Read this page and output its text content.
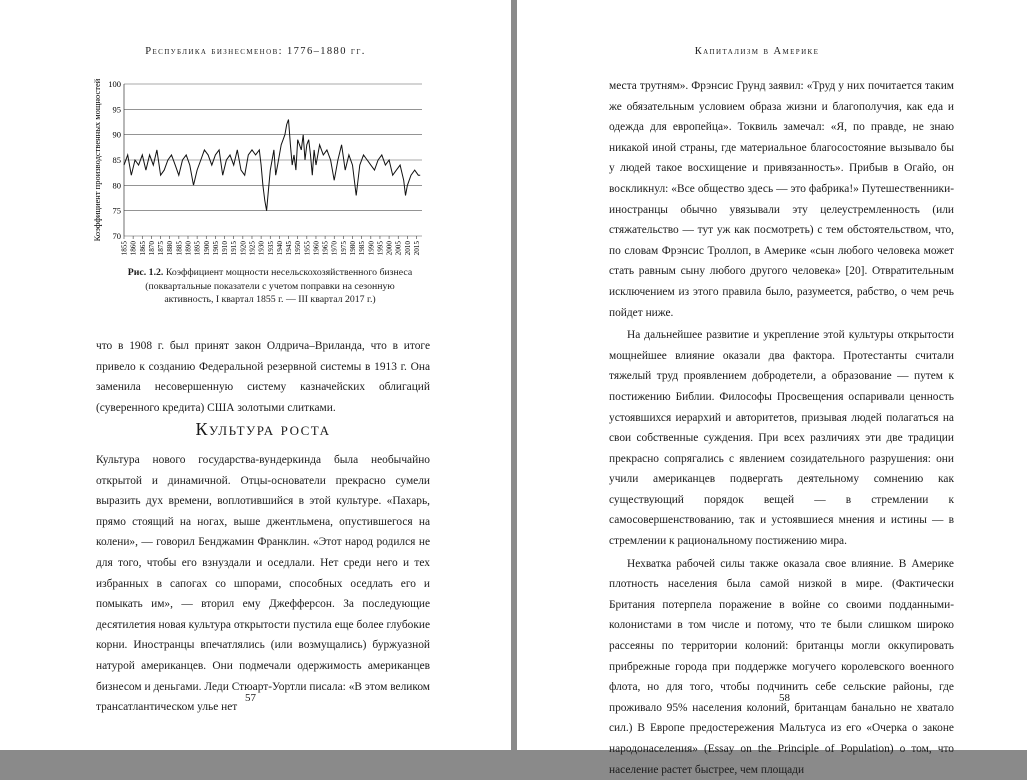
Республика бизнесменов: 1776–1880 гг.
70
75
80
85
90
95
100
1855 1860 1865 1870 1875 1880 1885 1890 1895 1900 1905 1910 1915 1920 1925 1930 1935 1940 1945 1950 1955 1960 1965 1970 1975 1980 1985 1990 1995 2000 2005 2010 2015
Коэффициент производственных мощностей
Рис. 1.2. Коэффициент мощности несельскохозяйственного бизнеса (поквартальные показатели с учетом поправки на сезонную активность, I квартал 1855 г. — III квартал 2017 г.)

что в 1908 г. был принят закон Олдрича–Вриланда, что в итоге привело к созданию Федеральной резервной системы в 1913 г. Она заменила несовершенную систему казначейских облигаций (суверенного кредита) США золотыми слитками.

Культура роста

Культура нового государства-вундеркинда была необычайно открытой и динамичной. Отцы-основатели прекрасно сумели выразить дух времени, воплотившийся в этой культуре. «Пахарь, прямо стоящий на ногах, выше джентльмена, опустившегося на колени», — говорил Бенджамин Франклин. «Этот народ родился не для того, чтобы его взнуздали и оседлали. Нет среди него и тех избранных в сапогах со шпорами, способных оседлать его и помыкать им», — вторил ему Джефферсон. За последующие десятилетия новая культура открытости пустила еще более глубокие корни. Иностранцы впечатлялись (или возмущались) буржуазной натурой американцев. Они подмечали одержимость американцев бизнесом и деньгами. Леди Стюарт-Уортли писала: «В этом великом трансатлантическом улье нет

57
Капитализм в Америке

места трутням». Фрэнсис Грунд заявил: «Труд у них почитается таким же обязательным условием образа жизни и благополучия, как еда и одежда для европейца». Токвиль замечал: «Я, по правде, не знаю никакой иной страны, где материальное благосостояние вызывало бы у людей такое восхищение и привязанность». Прибыв в Огайо, он воскликнул: «Все общество здесь — это фабрика!» Путешественники-иностранцы обычно увязывали эту целеустремленность (или стяжательство — тут уж как посмотреть) с тем обстоятельством, что, по словам Фрэнсис Троллоп, в Америке «сын любого человека может стать равным сыну любого другого человека» [20]. Отвратительным исключением из этого правила было, разумеется, рабство, о чем речь пойдет ниже.

На дальнейшее развитие и укрепление этой культуры открытости мощнейшее влияние оказали два фактора. Протестанты считали тяжелый труд проявлением добродетели, а образование — путем к постижению Библии. Философы Просвещения оспаривали ценность устоявшихся иерархий и авторитетов, призывая людей полагаться на свои собственные суждения. При всех различиях эти две традиции прекрасно сопрягались с явлением созидательного разрушения: они учили американцев подвергать деятельному сомнению как существующий порядок вещей — в стремлении к самосовершенствованию, так и устоявшиеся мнения и истины — в стремлении к рациональному постижению мира.

Нехватка рабочей силы также оказала свое влияние. В Америке плотность населения была самой низкой в мире. (Фактически Британия потерпела поражение в войне со своими подданными-колонистами в том числе и потому, что те были слишком широко рассеяны по территории колоний: британцы могли оккупировать прибрежные города при поддержке могучего королевского военного флота, но для того, чтобы подчинить себе сельские районы, где проживало 95% населения колоний, британцам банально не хватало сил.) В Европе предостережения Мальтуса из его «Очерка о законе народонаселения» (Essay on the Principle of Population) о том, что население растет быстрее, чем площади

58
